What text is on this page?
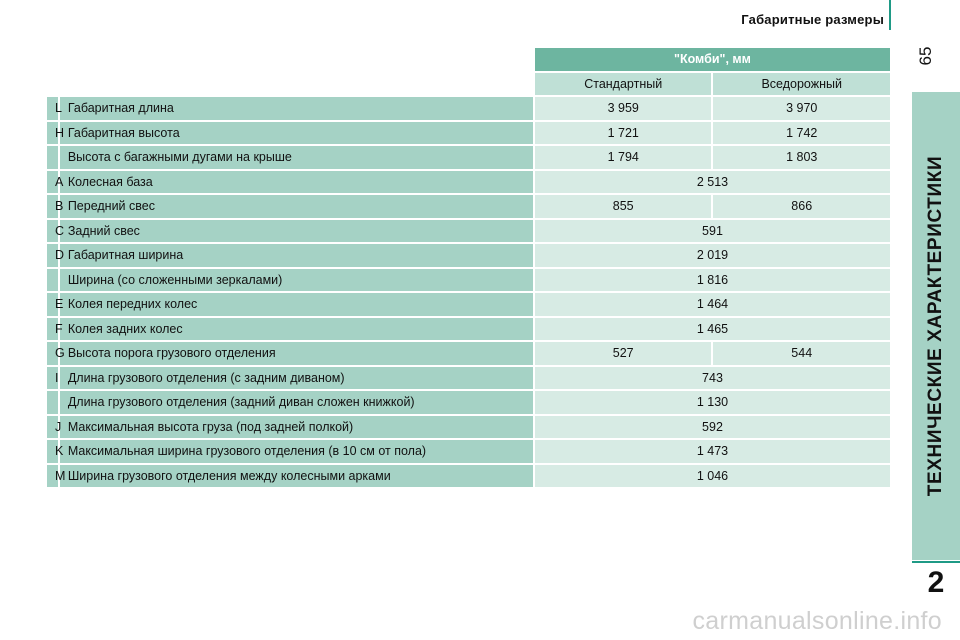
Габаритные размеры
65
ТЕХНИЧЕСКИЕ ХАРАКТЕРИСТИКИ
2
		"Комби", мм	
		Стандартный	Вседорожный
L	Габаритная длина	3 959	3 970
H	Габаритная высота	1 721	1 742
	Высота с багажными дугами на крыше	1 794	1 803
A	Колесная база	2 513	
B	Передний свес	855	866
C	Задний свес	591	
D	Габаритная ширина	2 019	
	Ширина (со сложенными зеркалами)	1 816	
E	Колея передних колес	1 464	
F	Колея задних колес	1 465	
G	Высота порога грузового отделения	527	544
I	Длина грузового отделения (с задним диваном)	743	
	Длина грузового отделения (задний диван сложен книжкой)	1 130	
J	Максимальная высота груза (под задней полкой)	592	
K	Максимальная ширина грузового отделения (в 10 см от пола)	1 473	
M	Ширина грузового отделения между колесными арками	1 046	
carmanualsonline.info
